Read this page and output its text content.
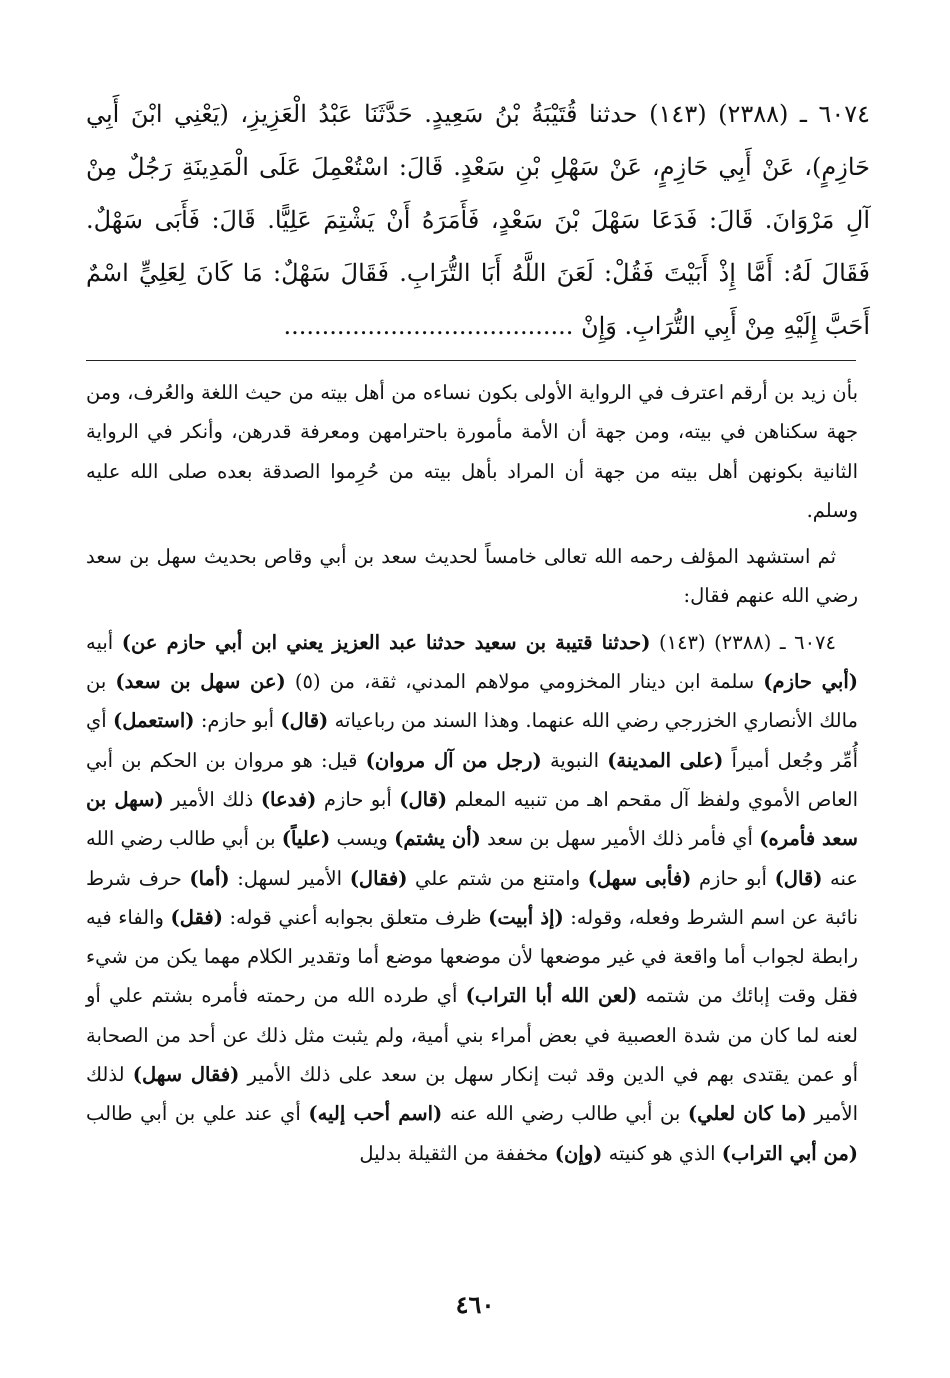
٦٠٧٤ ـ (٢٣٨٨) (١٤٣) حدثنا قُتَيْبَةُ بْنُ سَعِيدٍ. حَدَّثَنَا عَبْدُ الْعَزِيزِ، (يَعْنِي ابْنَ أَبِي حَازِمٍ)، عَنْ أَبِي حَازِمٍ، عَنْ سَهْلِ بْنِ سَعْدٍ. قَالَ: اسْتُعْمِلَ عَلَى الْمَدِينَةِ رَجُلٌ مِنْ آلِ مَرْوَانَ. قَالَ: فَدَعَا سَهْلَ بْنَ سَعْدٍ، فَأَمَرَهُ أَنْ يَشْتِمَ عَلِيًّا. قَالَ: فَأَبَى سَهْلٌ. فَقَالَ لَهُ: أَمَّا إِذْ أَبَيْتَ فَقُلْ: لَعَنَ اللَّهُ أَبَا التُّرَابِ. فَقَالَ سَهْلٌ: مَا كَانَ لِعَلِيٍّ اسْمٌ أَحَبَّ إِلَيْهِ مِنْ أَبِي التُّرَابِ. وَإِنْ ......................................

بأن زيد بن أرقم اعترف في الرواية الأولى بكون نساءه من أهل بيته من حيث اللغة والعُرف، ومن جهة سكناهن في بيته، ومن جهة أن الأمة مأمورة باحترامهن ومعرفة قدرهن، وأنكر في الرواية الثانية بكونهن أهل بيته من جهة أن المراد بأهل بيته من حُرِموا الصدقة بعده صلى الله عليه وسلم.

ثم استشهد المؤلف رحمه الله تعالى خامساً لحديث سعد بن أبي وقاص بحديث سهل بن سعد رضي الله عنهم فقال:

٦٠٧٤ ـ (٢٣٨٨) (١٤٣) (حدثنا قتيبة بن سعيد حدثنا عبد العزيز يعني ابن أبي حازم عن) أبيه (أبي حازم) سلمة ابن دينار المخزومي مولاهم المدني، ثقة، من (٥) (عن سهل بن سعد) بن مالك الأنصاري الخزرجي رضي الله عنهما. وهذا السند من رباعياته (قال) أبو حازم: (استعمل) أي أُمِّر وجُعل أميراً (على المدينة) النبوية (رجل من آل مروان) قيل: هو مروان بن الحكم بن أبي العاص الأموي ولفظ آل مقحم اهـ من تنبيه المعلم (قال) أبو حازم (فدعا) ذلك الأمير (سهل بن سعد فأمره) أي فأمر ذلك الأمير سهل بن سعد (أن يشتم) ويسب (علياً) بن أبي طالب رضي الله عنه (قال) أبو حازم (فأبى سهل) وامتنع من شتم علي (فقال) الأمير لسهل: (أما) حرف شرط نائبة عن اسم الشرط وفعله، وقوله: (إذ أبيت) ظرف متعلق بجوابه أعني قوله: (فقل) والفاء فيه رابطة لجواب أما واقعة في غير موضعها لأن موضعها موضع أما وتقدير الكلام مهما يكن من شيء فقل وقت إبائك من شتمه (لعن الله أبا التراب) أي طرده الله من رحمته فأمره بشتم علي أو لعنه لما كان من شدة العصبية في بعض أمراء بني أمية، ولم يثبت مثل ذلك عن أحد من الصحابة أو عمن يقتدى بهم في الدين وقد ثبت إنكار سهل بن سعد على ذلك الأمير (فقال سهل) لذلك الأمير (ما كان لعلي) بن أبي طالب رضي الله عنه (اسم أحب إليه) أي عند علي بن أبي طالب (من أبي التراب) الذي هو كنيته (وإن) مخففة من الثقيلة بدليل

٤٦٠
